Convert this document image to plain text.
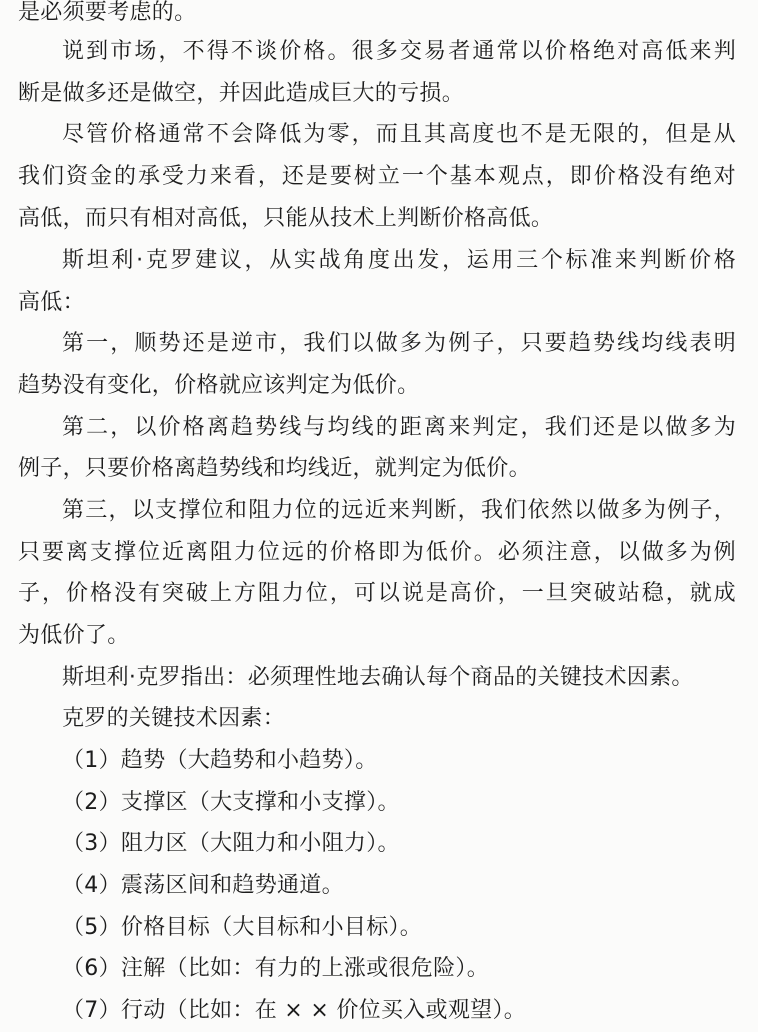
是必须要考虑的。
说到市场，不得不谈价格。很多交易者通常以价格绝对高低来判
断是做多还是做空，并因此造成巨大的亏损。
尽管价格通常不会降低为零，而且其高度也不是无限的，但是从
我们资金的承受力来看，还是要树立一个基本观点，即价格没有绝对
高低，而只有相对高低，只能从技术上判断价格高低。
斯坦利·克罗建议，从实战角度出发，运用三个标准来判断价格
高低：
第一，顺势还是逆市，我们以做多为例子，只要趋势线均线表明
趋势没有变化，价格就应该判定为低价。
第二，以价格离趋势线与均线的距离来判定，我们还是以做多为
例子，只要价格离趋势线和均线近，就判定为低价。
第三，以支撑位和阻力位的远近来判断，我们依然以做多为例子，
只要离支撑位近离阻力位远的价格即为低价。必须注意，以做多为例
子，价格没有突破上方阻力位，可以说是高价，一旦突破站稳，就成
为低价了。
斯坦利·克罗指出：必须理性地去确认每个商品的关键技术因素。
克罗的关键技术因素：
（1）趋势（大趋势和小趋势）。
（2）支撑区（大支撑和小支撑）。
（3）阻力区（大阻力和小阻力）。
（4）震荡区间和趋势通道。
（5）价格目标（大目标和小目标）。
（6）注解（比如：有力的上涨或很危险）。
（7）行动（比如：在 × × 价位买入或观望）。
